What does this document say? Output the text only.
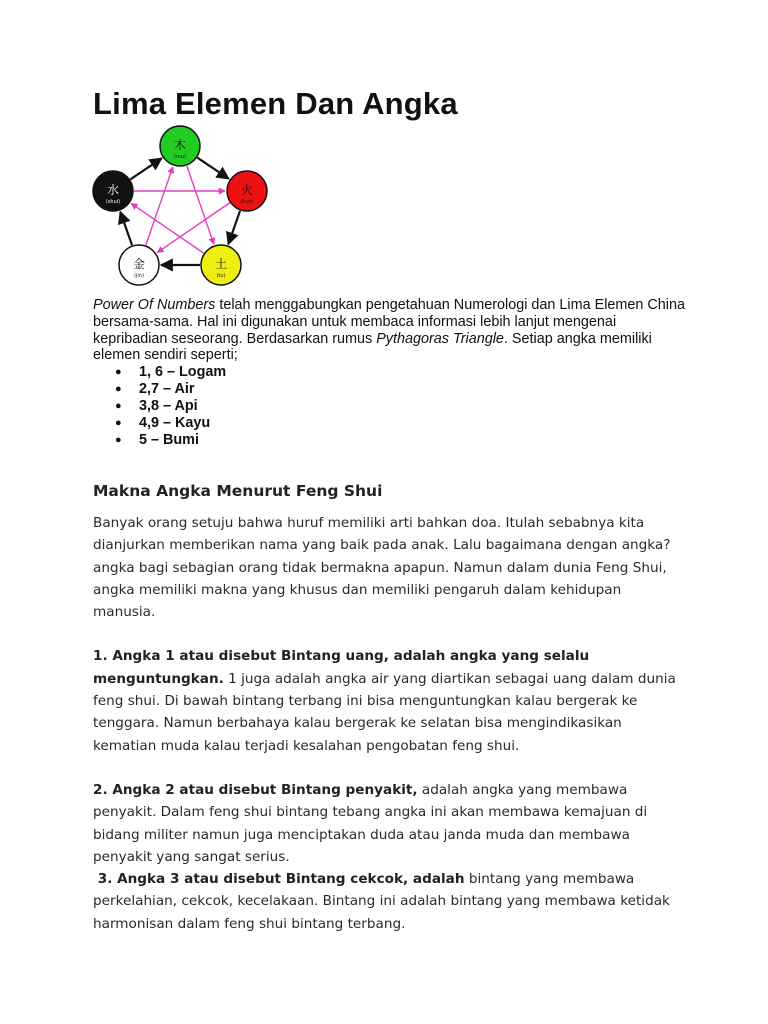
Lima Elemen Dan Angka
木
(mu)
火
(huo)
土
(tu)
金
(jin)
水
(shui)

Power Of Numbers telah menggabungkan pengetahuan Numerologi dan Lima Elemen China bersama-sama. Hal ini digunakan untuk membaca informasi lebih lanjut mengenai kepribadian seseorang. Berdasarkan rumus Pythagoras Triangle. Setiap angka memiliki elemen sendiri seperti;

● 1, 6 – Logam
● 2,7 – Air
● 3,8 – Api
● 4,9 – Kayu
● 5 – Bumi
Makna Angka Menurut Feng Shui

Banyak orang setuju bahwa huruf memiliki arti bahkan doa. Itulah sebabnya kita dianjurkan memberikan nama yang baik pada anak. Lalu bagaimana dengan angka? angka bagi sebagian orang tidak bermakna apapun. Namun dalam dunia Feng Shui, angka memiliki makna yang khusus dan memiliki pengaruh dalam kehidupan manusia.

1. Angka 1 atau disebut Bintang uang, adalah angka yang selalu menguntungkan. 1 juga adalah angka air yang diartikan sebagai uang dalam dunia feng shui. Di bawah bintang terbang ini bisa menguntungkan kalau bergerak ke tenggara. Namun berbahaya kalau bergerak ke selatan bisa mengindikasikan kematian muda kalau terjadi kesalahan pengobatan feng shui.

2. Angka 2 atau disebut Bintang penyakit, adalah angka yang membawa penyakit. Dalam feng shui bintang tebang angka ini akan membawa kemajuan di bidang militer namun juga menciptakan duda atau janda muda dan membawa penyakit yang sangat serius.

3. Angka 3 atau disebut Bintang cekcok, adalah bintang yang membawa perkelahian, cekcok, kecelakaan. Bintang ini adalah bintang yang membawa ketidak harmonisan dalam feng shui bintang terbang.
